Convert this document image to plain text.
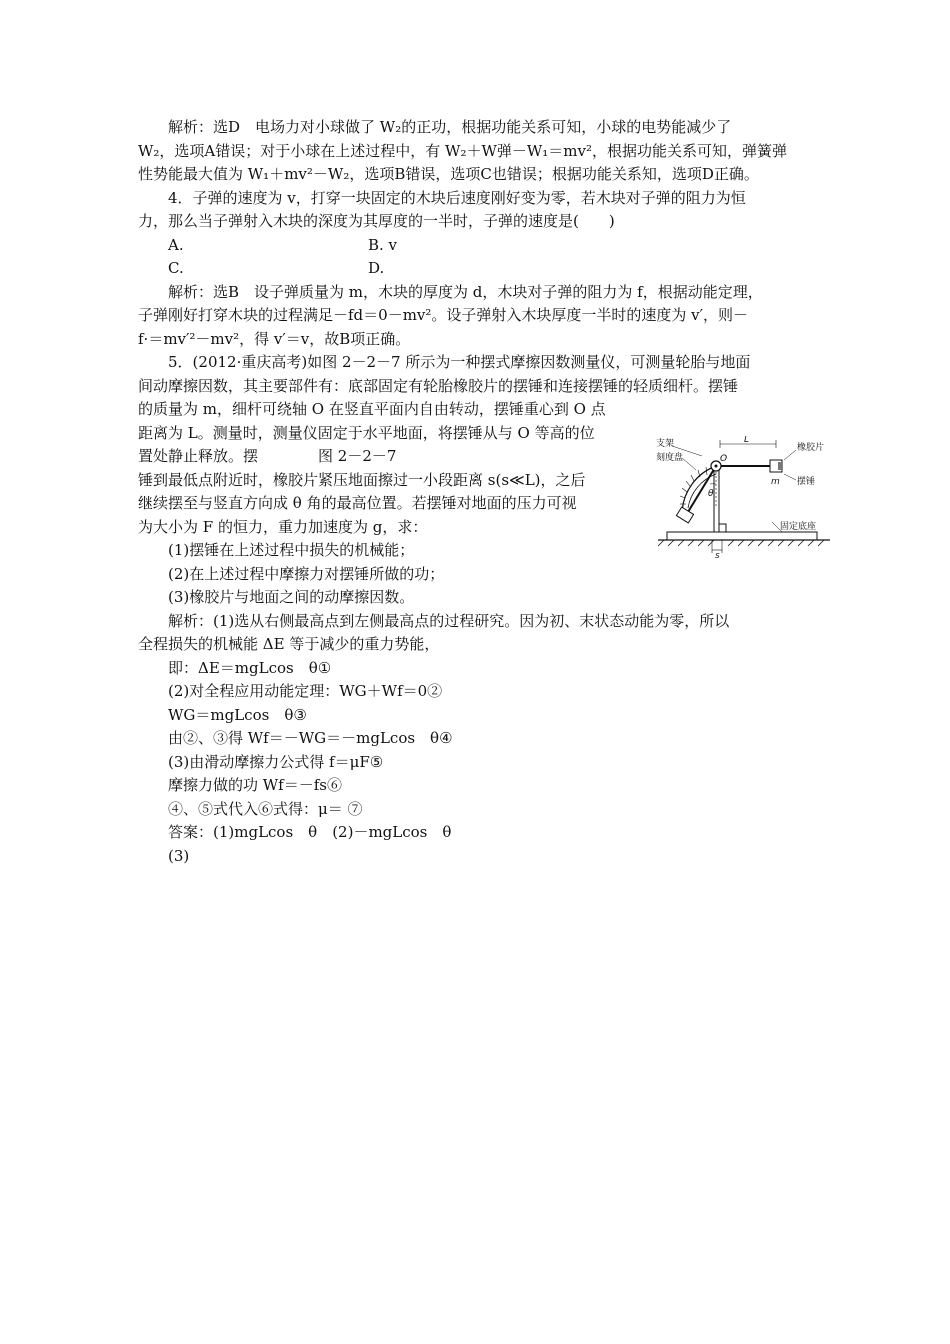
解析：选D　电场力对小球做了 W₂的正功，根据功能关系可知，小球的电势能减少了
W₂，选项A错误；对于小球在上述过程中，有 W₂＋W弹－W₁＝mv²，根据功能关系可知，弹簧弹
性势能最大值为 W₁＋mv²－W₂，选项B错误，选项C也错误；根据功能关系知，选项D正确。
4．子弹的速度为 v，打穿一块固定的木块后速度刚好变为零，若木块对子弹的阻力为恒
力，那么当子弹射入木块的深度为其厚度的一半时，子弹的速度是(　　)
A.	B. v
C.	D.
解析：选B　设子弹质量为 m，木块的厚度为 d，木块对子弹的阻力为 f，根据动能定理，
子弹刚好打穿木块的过程满足－fd＝0－mv²。设子弹射入木块厚度一半时的速度为 v′，则－
f·＝mv′²－mv²，得 v′＝v，故B项正确。
5．(2012·重庆高考)如图 2－2－7 所示为一种摆式摩擦因数测量仪，可测量轮胎与地面
间动摩擦因数，其主要部件有：底部固定有轮胎橡胶片的摆锤和连接摆锤的轻质细杆。摆锤
的质量为 m，细杆可绕轴 O 在竖直平面内自由转动，摆锤重心到 O 点
距离为 L。测量时，测量仪固定于水平地面，将摆锤从与 O 等高的位
置处静止释放。摆　　　　图 2－2－7
锤到最低点附近时，橡胶片紧压地面擦过一小段距离 s(s≪L)，之后
继续摆至与竖直方向成 θ 角的最高位置。若摆锤对地面的压力可视
为大小为 F 的恒力，重力加速度为 g，求：
(1)摆锤在上述过程中损失的机械能；
(2)在上述过程中摩擦力对摆锤所做的功；
(3)橡胶片与地面之间的动摩擦因数。
解析：(1)选从右侧最高点到左侧最高点的过程研究。因为初、末状态动能为零，所以
全程损失的机械能 ΔE 等于减少的重力势能，
即：ΔE＝mgLcos　θ①
(2)对全程应用动能定理：WG＋Wf＝0②
WG＝mgLcos　θ③
由②、③得 Wf＝－WG＝－mgLcos　θ④
(3)由滑动摩擦力公式得 f＝μF⑤
摩擦力做的功 Wf＝－fs⑥
④、⑤式代入⑥式得：μ＝ ⑦
答案：(1)mgLcos　θ　(2)－mgLcos　θ
(3)
支架
刻度盘
L
橡胶片
摆锤
m
O
θ
固定底座
s
